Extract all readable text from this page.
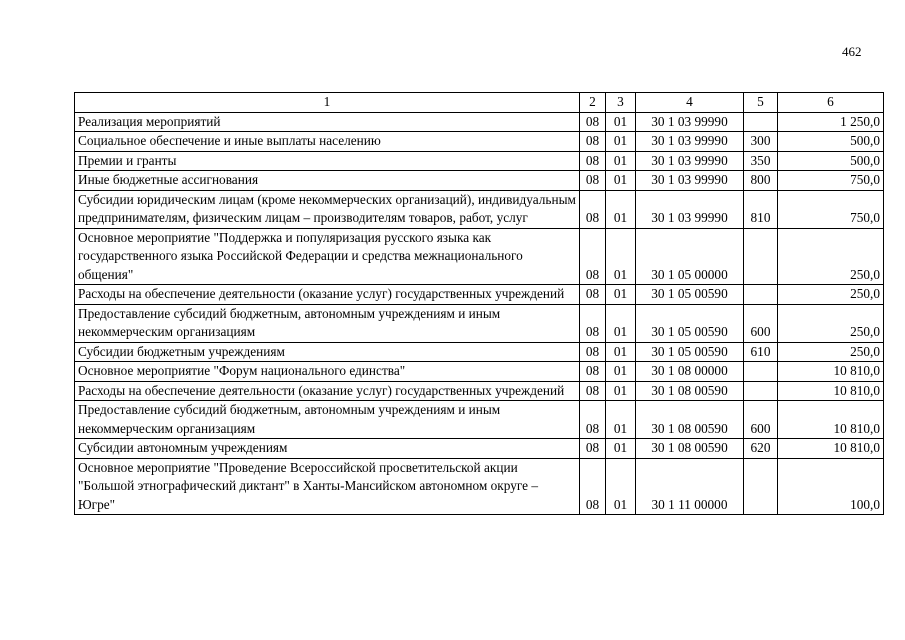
462
1	2	3	4	5	6
Реализация мероприятий	08	01	30 1 03 99990		1 250,0
Социальное обеспечение и иные выплаты населению	08	01	30 1 03 99990	300	500,0
Премии и гранты	08	01	30 1 03 99990	350	500,0
Иные бюджетные ассигнования	08	01	30 1 03 99990	800	750,0
Субсидии юридическим лицам (кроме некоммерческих организаций), индивидуальным предпринимателям, физическим лицам – производителям товаров, работ, услуг	08	01	30 1 03 99990	810	750,0
Основное мероприятие "Поддержка и популяризация русского языка как государственного языка Российской Федерации и средства межнационального общения"	08	01	30 1 05 00000		250,0
Расходы на обеспечение деятельности (оказание услуг) государственных учреждений	08	01	30 1 05 00590		250,0
Предоставление субсидий бюджетным, автономным учреждениям и иным некоммерческим организациям	08	01	30 1 05 00590	600	250,0
Субсидии бюджетным учреждениям	08	01	30 1 05 00590	610	250,0
Основное мероприятие "Форум национального единства"	08	01	30 1 08 00000		10 810,0
Расходы на обеспечение деятельности (оказание услуг) государственных учреждений	08	01	30 1 08 00590		10 810,0
Предоставление субсидий бюджетным, автономным учреждениям и иным некоммерческим организациям	08	01	30 1 08 00590	600	10 810,0
Субсидии автономным учреждениям	08	01	30 1 08 00590	620	10 810,0
Основное мероприятие "Проведение Всероссийской просветительской акции "Большой этнографический диктант" в Ханты-Мансийском автономном округе – Югре"	08	01	30 1 11 00000		100,0
